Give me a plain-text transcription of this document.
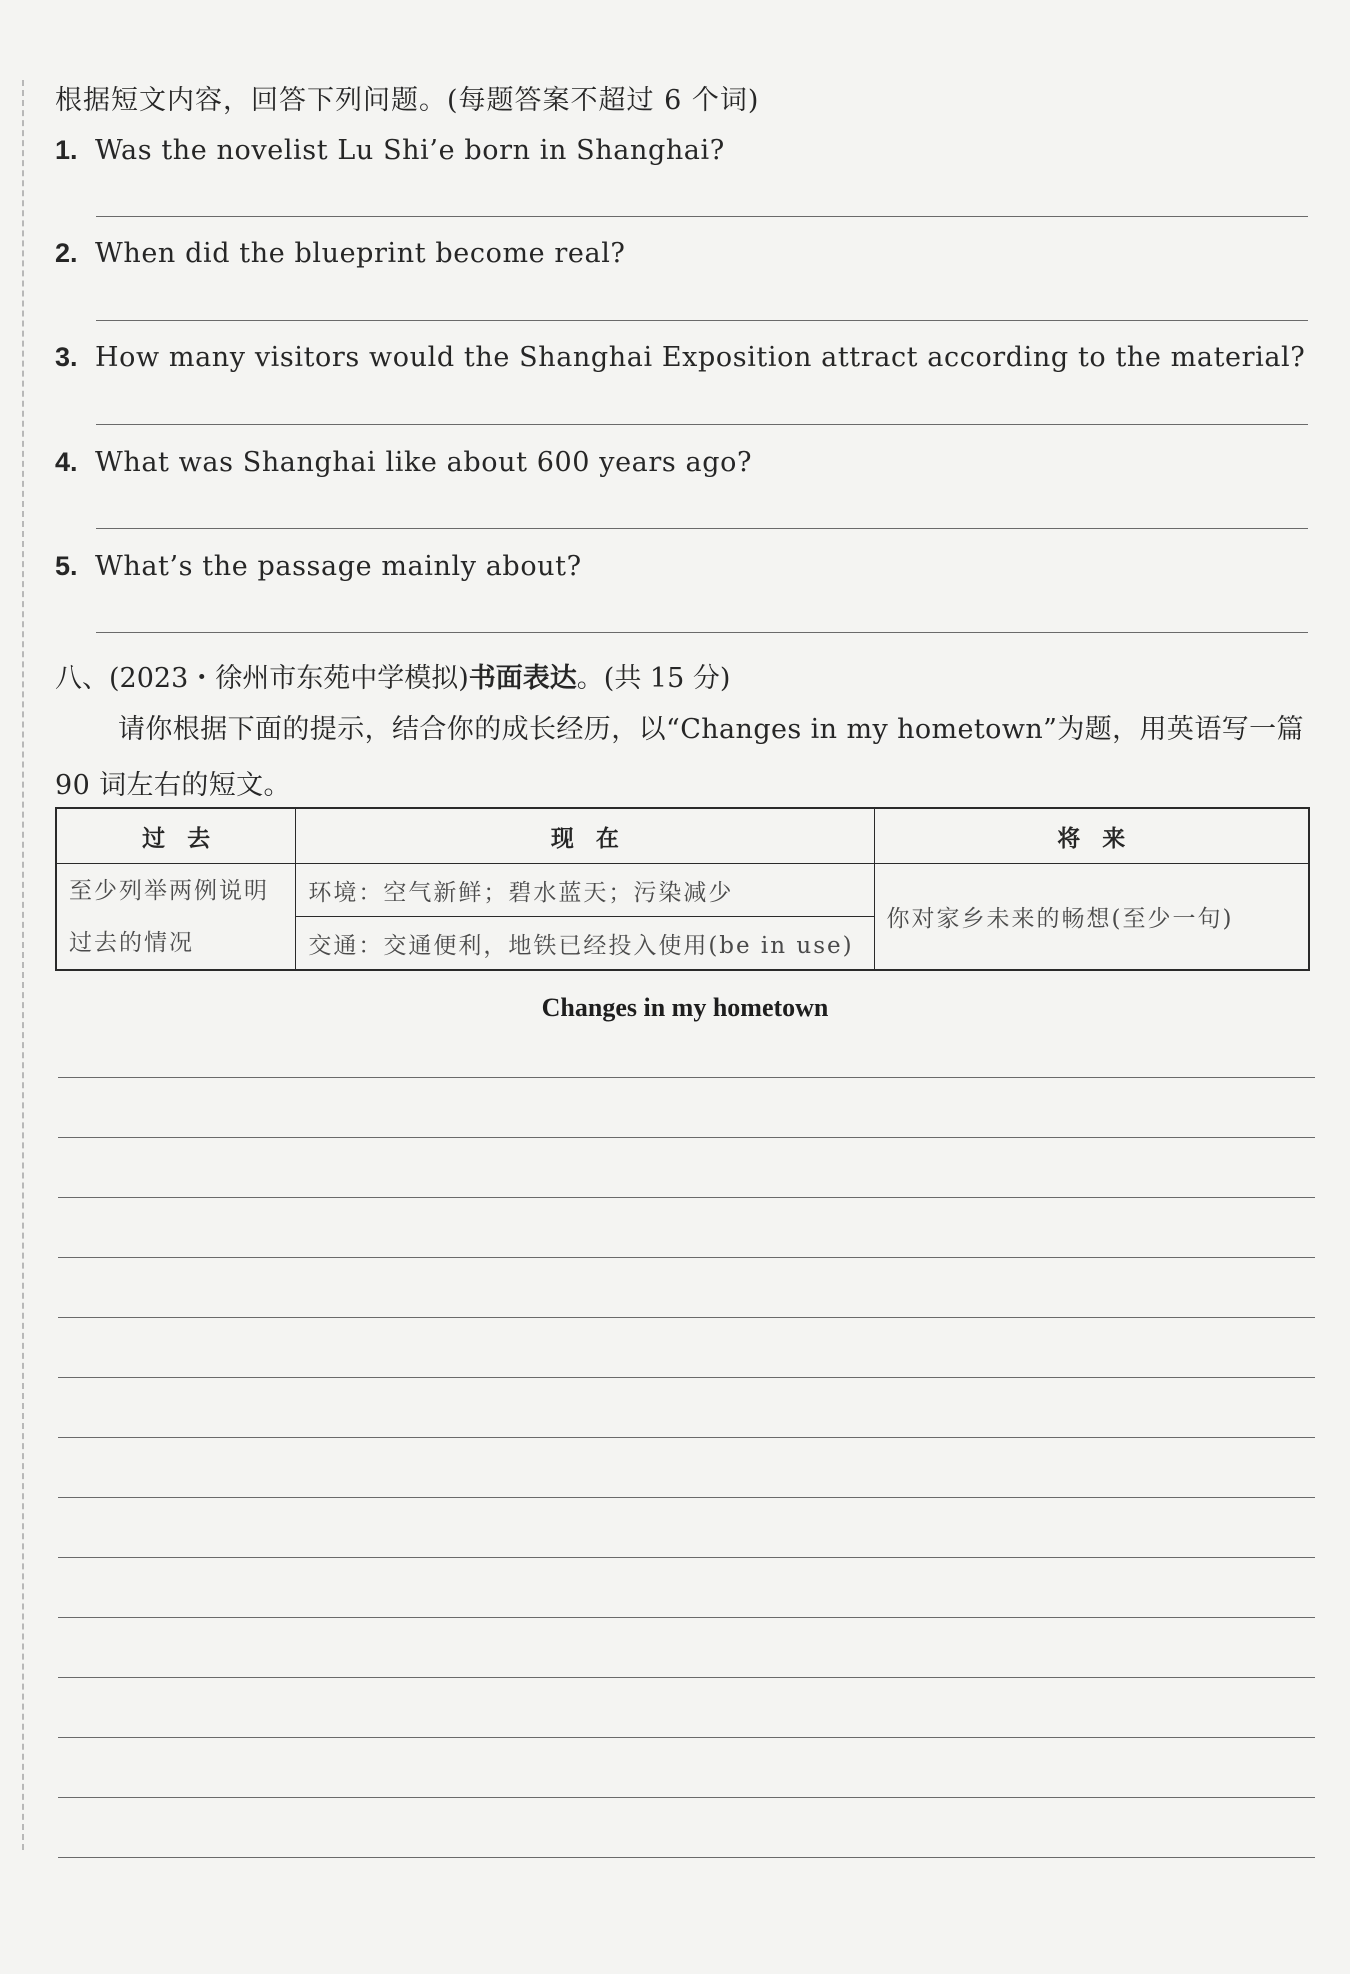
根据短文内容，回答下列问题。(每题答案不超过 6 个词)
1. Was the novelist Lu Shi’e born in Shanghai?
2. When did the blueprint become real?
3. How many visitors would the Shanghai Exposition attract according to the material?
4. What was Shanghai like about 600 years ago?
5. What’s the passage mainly about?
八、(2023・徐州市东苑中学模拟)书面表达。(共 15 分)
请你根据下面的提示，结合你的成长经历，以“Changes in my hometown”为题，用英语写一篇 90 词左右的短文。
过去	现在	将来
至少列举两例说明过去的情况	环境：空气新鲜；碧水蓝天；污染减少	你对家乡未来的畅想(至少一句)
	交通：交通便利，地铁已经投入使用(be in use)	
Changes in my hometown
